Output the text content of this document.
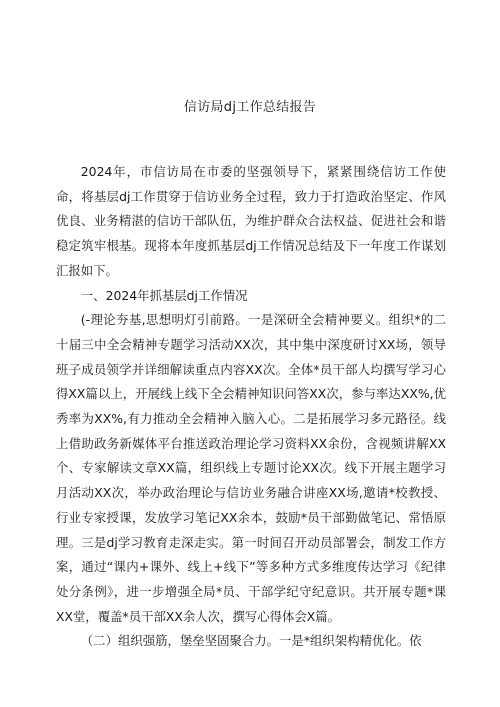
信访局dj工作总结报告

2024年，市信访局在市委的坚强领导下，紧紧围绕信访工作使命，将基层dj工作贯穿于信访业务全过程，致力于打造政治坚定、作风优良、业务精湛的信访干部队伍，为维护群众合法权益、促进社会和谐稳定筑牢根基。现将本年度抓基层dj工作情况总结及下一年度工作谋划汇报如下。

一、2024年抓基层dj工作情况

(-理论夯基,思想明灯引前路。一是深研全会精神要义。组织*的二十届三中全会精神专题学习活动XX次，其中集中深度研讨XX场，领导班子成员领学并详细解读重点内容XX次。全体*员干部人均撰写学习心得XX篇以上，开展线上线下全会精神知识问答XX次，参与率达XX%,优秀率为XX%,有力推动全会精神入脑入心。二是拓展学习多元路径。线上借助政务新媒体平台推送政治理论学习资料XX余份，含视频讲解XX个、专家解读文章XX篇，组织线上专题讨论XX次。线下开展主题学习月活动XX次，举办政治理论与信访业务融合讲座XX场,邀请*校教授、行业专家授课，发放学习笔记XX余本，鼓励*员干部勤做笔记、常悟原理。三是dj学习教育走深走实。第一时间召开动员部署会，制发工作方案，通过“课内+课外、线上+线下”等多种方式多维度传达学习《纪律处分条例》，进一步增强全局*员、干部学纪守纪意识。共开展专题*课XX堂，覆盖*员干部XX余人次，撰写心得体会X篇。

（二）组织强筋，堡垒坚固聚合力。一是*组织架构精优化。依
